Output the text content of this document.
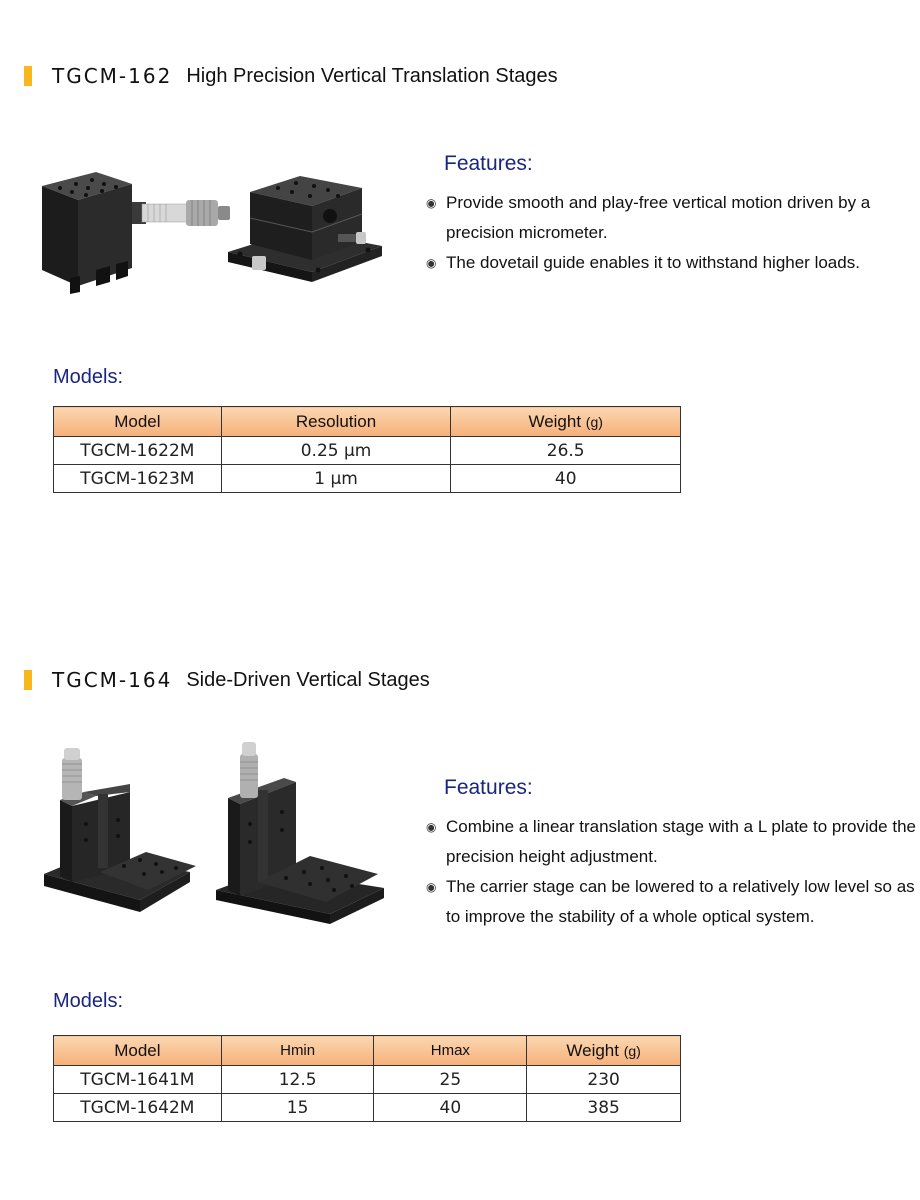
TGCM-162 High Precision Vertical Translation Stages
Features:
◉ Provide smooth and play-free vertical motion driven by a precision micrometer.
◉ The dovetail guide enables it to withstand higher loads.
Models:
Model	Resolution	Weight (g)
TGCM-1622M	0.25 µm	26.5
TGCM-1623M	1 µm	40
TGCM-164 Side-Driven Vertical Stages
Features:
◉ Combine a linear translation stage with a L plate to provide the precision height adjustment.
◉ The carrier stage can be lowered to a relatively low level so as to improve the stability of a whole optical system.
Models:
Model	Hmin	Hmax	Weight (g)
TGCM-1641M	12.5	25	230
TGCM-1642M	15	40	385
